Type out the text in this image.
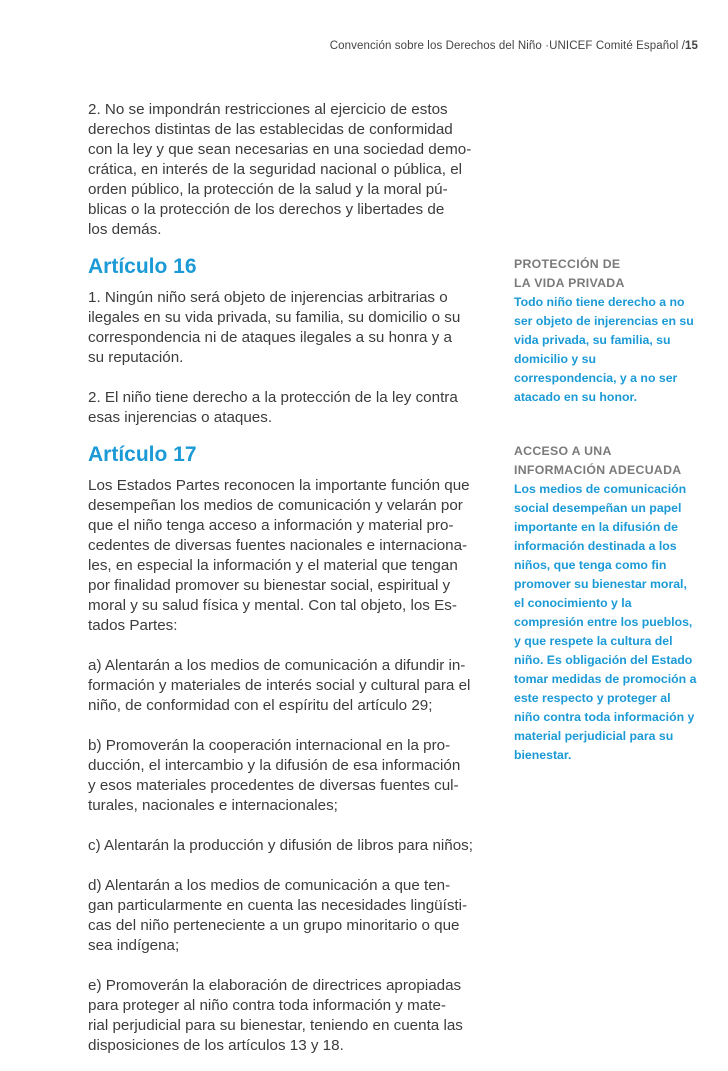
Convención sobre los Derechos del Niño ·UNICEF Comité Español /15

2. No se impondrán restricciones al ejercicio de estos
derechos distintas de las establecidas de conformidad
con la ley y que sean necesarias en una sociedad demo-
crática, en interés de la seguridad nacional o pública, el
orden público, la protección de la salud y la moral pú-
blicas o la protección de los derechos y libertades de
los demás.

Artículo 16

1. Ningún niño será objeto de injerencias arbitrarias o
ilegales en su vida privada, su familia, su domicilio o su
correspondencia ni de ataques ilegales a su honra y a
su reputación.

2. El niño tiene derecho a la protección de la ley contra
esas injerencias o ataques.

Artículo 17

Los Estados Partes reconocen la importante función que
desempeñan los medios de comunicación y velarán por
que el niño tenga acceso a información y material pro-
cedentes de diversas fuentes nacionales e internaciona-
les, en especial la información y el material que tengan
por finalidad promover su bienestar social, espiritual y
moral y su salud física y mental. Con tal objeto, los Es-
tados Partes:

a) Alentarán a los medios de comunicación a difundir in-
formación y materiales de interés social y cultural para el
niño, de conformidad con el espíritu del artículo 29;

b) Promoverán la cooperación internacional en la pro-
ducción, el intercambio y la difusión de esa información
y esos materiales procedentes de diversas fuentes cul-
turales, nacionales e internacionales;

c) Alentarán la producción y difusión de libros para niños;

d) Alentarán a los medios de comunicación a que ten-
gan particularmente en cuenta las necesidades lingüísti-
cas del niño perteneciente a un grupo minoritario o que
sea indígena;

e) Promoverán la elaboración de directrices apropiadas
para proteger al niño contra toda información y mate-
rial perjudicial para su bienestar, teniendo en cuenta las
disposiciones de los artículos 13 y 18.

PROTECCIÓN DE
LA VIDA PRIVADA
Todo niño tiene derecho a no
ser objeto de injerencias en su
vida privada, su familia, su
domicilio y su
correspondencia, y a no ser
atacado en su honor.
ACCESO A UNA
INFORMACIÓN ADECUADA
Los medios de comunicación
social desempeñan un papel
importante en la difusión de
información destinada a los
niños, que tenga como fin
promover su bienestar moral,
el conocimiento y la
compresión entre los pueblos,
y que respete la cultura del
niño. Es obligación del Estado
tomar medidas de promoción a
este respecto y proteger al
niño contra toda información y
material perjudicial para su
bienestar.
